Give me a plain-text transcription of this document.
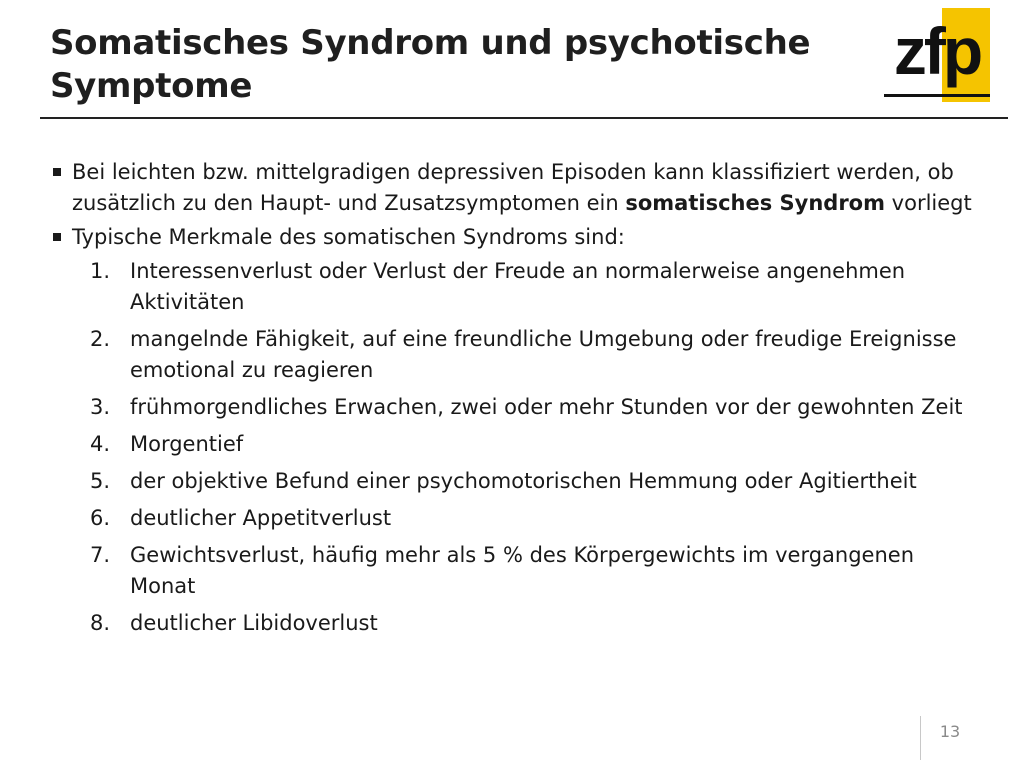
Somatisches Syndrom und psychotische
Symptome	zfp
Bei leichten bzw. mittelgradigen depressiven Episoden kann klassifiziert werden, ob zusätzlich zu den Haupt- und Zusatzsymptomen ein somatisches Syndrom vorliegt
Typische Merkmale des somatischen Syndroms sind:
1. Interessenverlust oder Verlust der Freude an normalerweise angenehmen Aktivitäten
2. mangelnde Fähigkeit, auf eine freundliche Umgebung oder freudige Ereignisse emotional zu reagieren
3. frühmorgendliches Erwachen, zwei oder mehr Stunden vor der gewohnten Zeit
4. Morgentief
5. der objektive Befund einer psychomotorischen Hemmung oder Agitiertheit
6. deutlicher Appetitverlust
7. Gewichtsverlust, häufig mehr als 5 % des Körpergewichts im vergangenen Monat
8. deutlicher Libidoverlust
13
